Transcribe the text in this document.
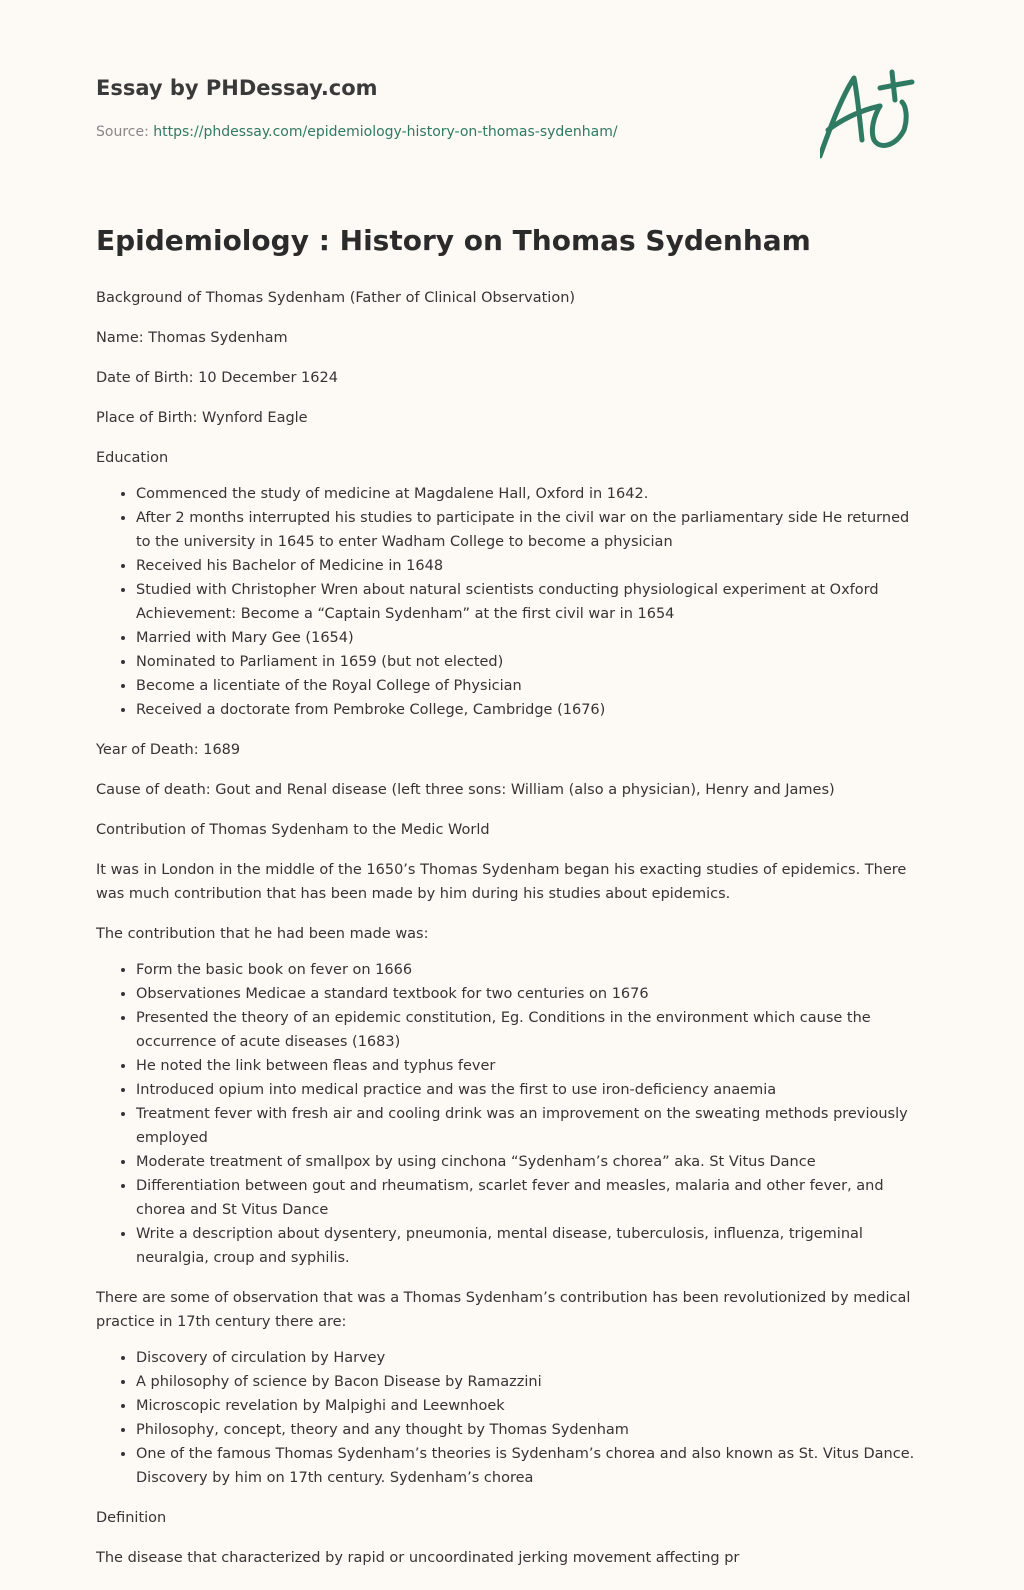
Essay by PHDessay.com
Source: https://phdessay.com/epidemiology-history-on-thomas-sydenham/
Epidemiology : History on Thomas Sydenham

Background of Thomas Sydenham (Father of Clinical Observation)

Name: Thomas Sydenham

Date of Birth: 10 December 1624

Place of Birth: Wynford Eagle

Education

• Commenced the study of medicine at Magdalene Hall, Oxford in 1642.
• After 2 months interrupted his studies to participate in the civil war on the parliamentary side He returned to the university in 1645 to enter Wadham College to become a physician
• Received his Bachelor of Medicine in 1648
• Studied with Christopher Wren about natural scientists conducting physiological experiment at Oxford Achievement: Become a “Captain Sydenham” at the first civil war in 1654
• Married with Mary Gee (1654)
• Nominated to Parliament in 1659 (but not elected)
• Become a licentiate of the Royal College of Physician
• Received a doctorate from Pembroke College, Cambridge (1676)

Year of Death: 1689

Cause of death: Gout and Renal disease (left three sons: William (also a physician), Henry and James)

Contribution of Thomas Sydenham to the Medic World

It was in London in the middle of the 1650’s Thomas Sydenham began his exacting studies of epidemics. There was much contribution that has been made by him during his studies about epidemics.

The contribution that he had been made was:

• Form the basic book on fever on 1666
• Observationes Medicae a standard textbook for two centuries on 1676
• Presented the theory of an epidemic constitution, Eg. Conditions in the environment which cause the occurrence of acute diseases (1683)
• He noted the link between fleas and typhus fever
• Introduced opium into medical practice and was the first to use iron-deficiency anaemia
• Treatment fever with fresh air and cooling drink was an improvement on the sweating methods previously employed
• Moderate treatment of smallpox by using cinchona “Sydenham’s chorea” aka. St Vitus Dance
• Differentiation between gout and rheumatism, scarlet fever and measles, malaria and other fever, and chorea and St Vitus Dance
• Write a description about dysentery, pneumonia, mental disease, tuberculosis, influenza, trigeminal neuralgia, croup and syphilis.

There are some of observation that was a Thomas Sydenham’s contribution has been revolutionized by medical practice in 17th century there are:

• Discovery of circulation by Harvey
• A philosophy of science by Bacon Disease by Ramazzini
• Microscopic revelation by Malpighi and Leewnhoek
• Philosophy, concept, theory and any thought by Thomas Sydenham
• One of the famous Thomas Sydenham’s theories is Sydenham’s chorea and also known as St. Vitus Dance. Discovery by him on 17th century. Sydenham’s chorea

Definition

The disease that characterized by rapid or uncoordinated jerking movement affecting pr
